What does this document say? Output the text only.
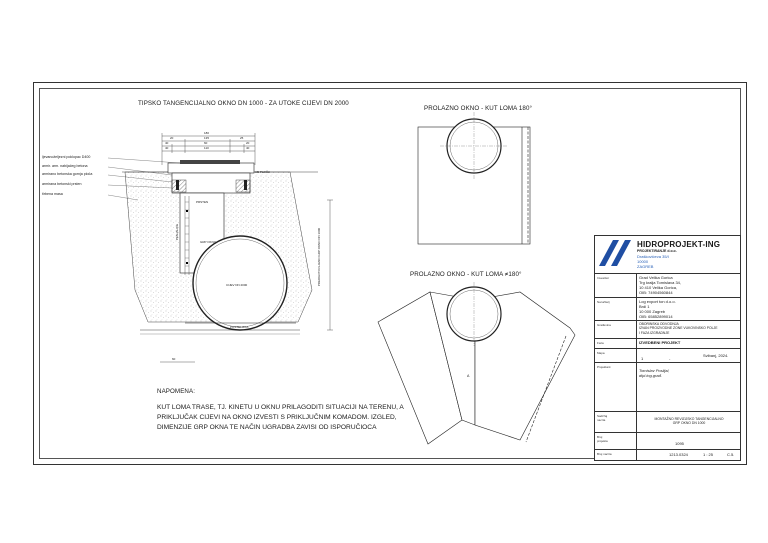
TIPSKO TANGENCIJALNO OKNO DN 1000 - ZA UTOKE CIJEVI DN 2000
PROLAZNO OKNO - KUT LOMA 180°
PROLAZNO OKNO - KUT LOMA ≠180°
180
20	135	25
40	60	20
40	110	40
60
ljevanoželjezni poklopac D400
armir. arm. nabijačeg betona
armirano betonska gornja ploča
armirana betonski prsten
tirbena masa
AB PLOČA
PRSTEN
PENJALICE
GRP OKNO
CIJEV DN 2000
POSTELJICA
PREDGOTOVLJENO GRP OKNO DN 1000
A
NAPOMENA:
KUT LOMA TRASE, TJ. KINETU U OKNU PRILAGODITI SITUACIJI NA TERENU, A
PRIKLJUČAK CIJEVI NA OKNO IZVESTI S PRIKLJUČNIM KOMADOM. IZGLED,
DIMENZIJE GRP OKNA TE NAČIN UGRADBA ZAVISI OD ISPORUČIOCA
HIDROPROJEKT-ING
PROJEKTIRANJE d.o.o.
Draškovićeva 35/I
10000
ZAGREB
Investitor	Grad Velika Gorica
Trg kralja Tomislava 34,
10 410 Velika Gorica,
OIB: 74904560844
Naručitelj	Log export ton d.o.o.
Brdi 1
10 000 Zagreb
OIB: 65852899014
Građevina	OBORINSKA ODVODNJA
IZVAN PROIZVODNE ZONE VUKOVINSKO POLJE
I FAZA IZGRADNJE
Faza	IZVEDBENI PROJEKT
Mapa
1	-
Svibanj, 2024.
Projektant
Tomislav Poslijal,
dipl.ing.građ.
Sadržaj
nacrta	MONTAŽNO REVIZIJSKO TANGENCIJALNO
GRP OKNO DN 1000
Broj
projekta	1095
Broj nacrta	1213.0324	1 : 25	C.5.
